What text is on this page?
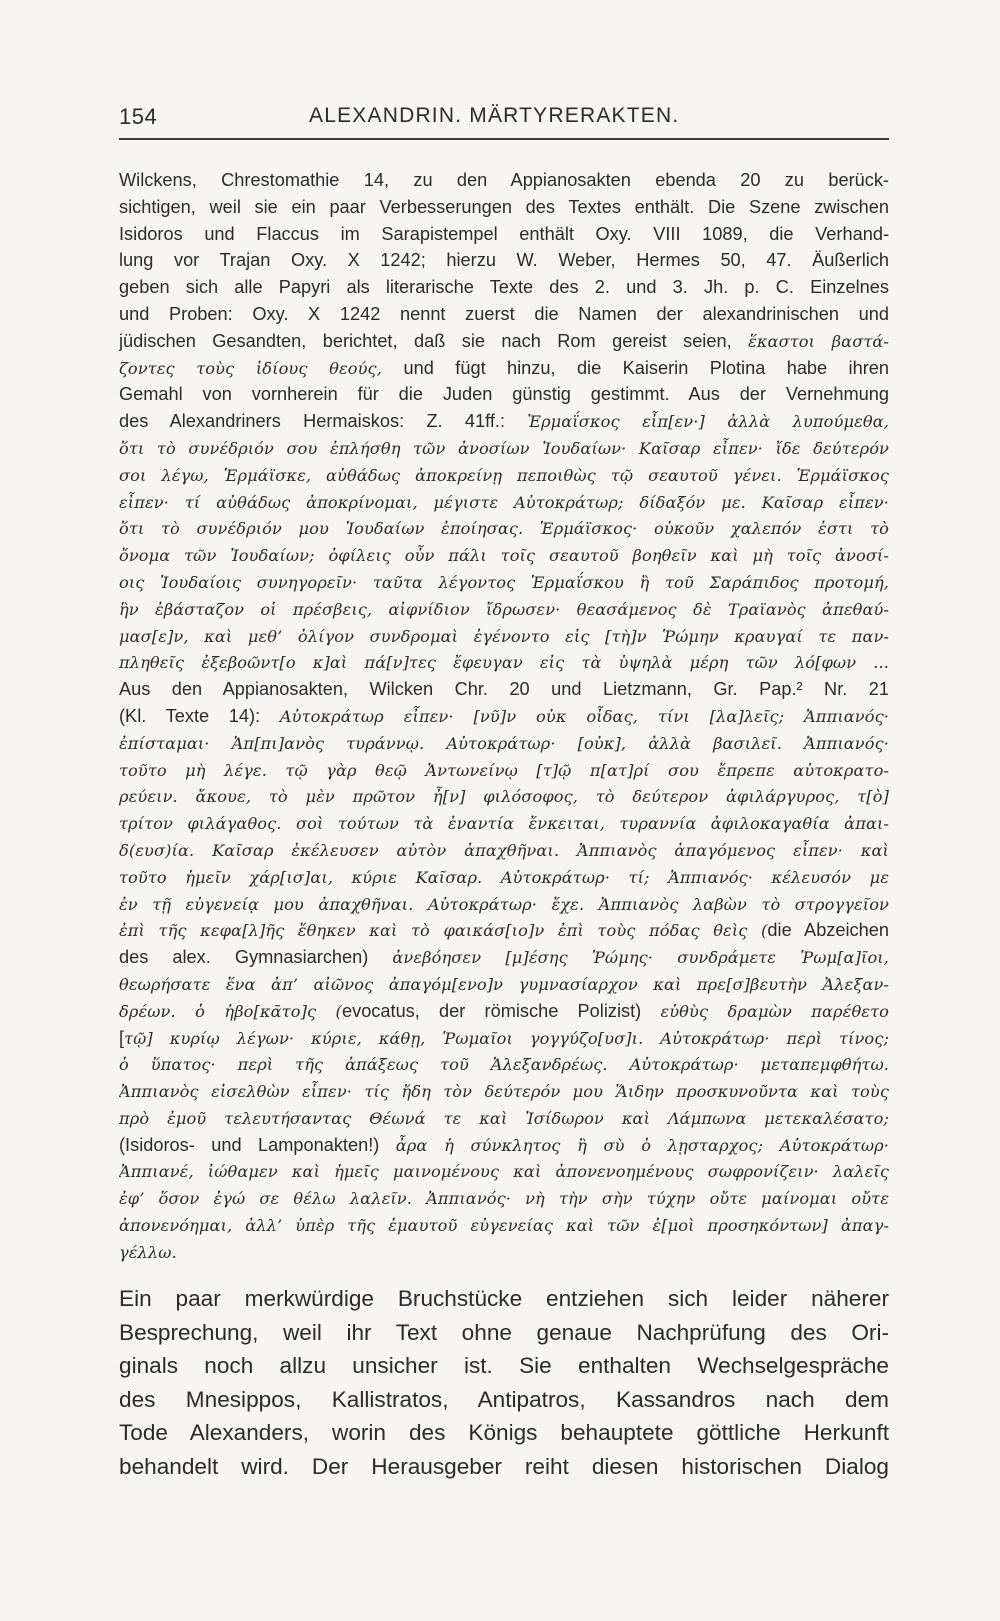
154	ALEXANDRIN. MÄRTYRERAKTEN.
Wilckens, Chrestomathie 14, zu den Appianosakten ebenda 20 zu berück-
sichtigen, weil sie ein paar Verbesserungen des Textes enthält. Die Szene zwischen
Isidoros und Flaccus im Sarapistempel enthält Oxy. VIII 1089, die Verhand-
lung vor Trajan Oxy. X 1242; hierzu W. Weber, Hermes 50, 47. Äußerlich
geben sich alle Papyri als literarische Texte des 2. und 3. Jh. p. C. Einzelnes
und Proben: Oxy. X 1242 nennt zuerst die Namen der alexandrinischen und
jüdischen Gesandten, berichtet, daß sie nach Rom gereist seien, ἕκαστοι βαστά-
ζοντες τοὺς ἰδίους θεούς, und fügt hinzu, die Kaiserin Plotina habe ihren
Gemahl von vornherein für die Juden günstig gestimmt. Aus der Vernehmung
des Alexandriners Hermaiskos: Z. 41ff.: Ἑρμαΐσκος εἶπ[εν·] ἀλλὰ λυπούμεθα,
ὅτι τὸ συνέδριόν σου ἐπλήσθη τῶν ἀνοσίων Ἰουδαίων· Καῖσαρ εἶπεν· ἴδε δεύτερόν
σοι λέγω, Ἑρμάϊσκε, αὐθάδως ἀποκρείνῃ πεποιθὼς τῷ σεαυτοῦ γένει. Ἑρμάϊσκος
εἶπεν· τί αὐθάδως ἀποκρίνομαι, μέγιστε Αὐτοκράτωρ; δίδαξόν με. Καῖσαρ εἶπεν·
ὅτι τὸ συνέδριόν μου Ἰουδαίων ἐποίησας. Ἑρμάϊσκος· οὐκοῦν χαλεπόν ἐστι τὸ
ὄνομα τῶν Ἰουδαίων; ὀφίλεις οὖν πάλι τοῖς σεαυτοῦ βοηθεῖν καὶ μὴ τοῖς ἀνοσί-
οις Ἰουδαίοις συνηγορεῖν· ταῦτα λέγοντος Ἑρμαΐσκου ἢ τοῦ Σαράπιδος προτομή,
ἣν ἐβάσταζον οἱ πρέσβεις, αἰφνίδιον ἴδρωσεν· θεασάμενος δὲ Τραϊανὸς ἀπεθαύ-
μασ[ε]ν, καὶ μεθ’ ὀλίγον συνδρομαὶ ἐγένοντο εἰς [τὴ]ν Ῥώμην κραυγαί τε παν-
πληθεῖς ἐξεβοῶντ[ο κ]αὶ πά[ν]τες ἔφευγαν εἰς τὰ ὑψηλὰ μέρη τῶν λό[φων ...
Aus den Appianosakten, Wilcken Chr. 20 und Lietzmann, Gr. Pap.² Nr. 21
(Kl. Texte 14): Αὐτοκράτωρ εἶπεν· [νῦ]ν οὐκ οἶδας, τίνι [λα]λεῖς; Ἀππιανός·
ἐπίσταμαι· Ἀπ[πι]ανὸς τυράννῳ. Αὐτοκράτωρ· [οὐκ], ἀλλὰ βασιλεῖ. Ἀππιανός·
τοῦτο μὴ λέγε. τῷ γὰρ θεῷ Ἀντωνείνῳ [τ]ῷ π[ατ]ρί σου ἔπρεπε αὐτοκρατο-
ρεύειν. ἄκουε, τὸ μὲν πρῶτον ἦ[ν] φιλόσοφος, τὸ δεύτερον ἀφιλάργυρος, τ[ὸ]
τρίτον φιλάγαθος. σοὶ τούτων τὰ ἐναντία ἔνκειται, τυραννία ἀφιλοκαγαθία ἀπαι-
δ(ευσ)ία. Καῖσαρ ἐκέλευσεν αὐτὸν ἀπαχθῆναι. Ἀππιανὸς ἀπαγόμενος εἶπεν· καὶ
τοῦτο ἡμεῖν χάρ[ισ]αι, κύριε Καῖσαρ. Αὐτοκράτωρ· τί; Ἀππιανός· κέλευσόν με
ἐν τῇ εὐγενείᾳ μου ἀπαχθῆναι. Αὐτοκράτωρ· ἔχε. Ἀππιανὸς λαβὼν τὸ στρογγεῖον
ἐπὶ τῆς κεφα[λ]ῆς ἔθηκεν καὶ τὸ φαικάσ[ιο]ν ἐπὶ τοὺς πόδας θεὶς (die Abzeichen
des alex. Gymnasiarchen) ἀνεβόησεν [μ]έσης Ῥώμης· συνδράμετε Ῥωμ[α]ῖοι,
θεωρήσατε ἕνα ἀπ’ αἰῶνος ἀπαγόμ[ενο]ν γυμνασίαρχον καὶ πρε[σ]βευτὴν Ἀλεξαν-
δρέων. ὁ ἠβο[κᾶτο]ς (evocatus, der römische Polizist) εὐθὺς δραμὼν παρέθετο
[τῷ] κυρίῳ λέγων· κύριε, κάθῃ, Ῥωμαῖοι γογγύζο[υσ]ι. Αὐτοκράτωρ· περὶ τίνος;
ὁ ὕπατος· περὶ τῆς ἀπάξεως τοῦ Ἀλεξανδρέως. Αὐτοκράτωρ· μεταπεμφθήτω.
Ἀππιανὸς εἰσελθὼν εἶπεν· τίς ἤδη τὸν δεύτερόν μου Ἅιδην προσκυνοῦντα καὶ τοὺς
πρὸ ἐμοῦ τελευτήσαντας Θέωνά τε καὶ Ἰσίδωρον καὶ Λάμπωνα μετεκαλέσατο;
(Isidoros- und Lamponakten!) ἆρα ἡ σύνκλητος ἢ σὺ ὁ λῃσταρχος; Αὐτοκράτωρ·
Ἀππιανέ, ἰώθαμεν καὶ ἡμεῖς μαινομένους καὶ ἀπονενοημένους σωφρονίζειν· λαλεῖς
ἐφ’ ὅσον ἐγώ σε θέλω λαλεῖν. Ἀππιανός· νὴ τὴν σὴν τύχην οὔτε μαίνομαι οὔτε
ἀπονενόημαι, ἀλλ’ ὑπὲρ τῆς ἐμαυτοῦ εὐγενείας καὶ τῶν ἐ[μοὶ προσηκόντων] ἀπαγ-
γέλλω.
Ein paar merkwürdige Bruchstücke entziehen sich leider näherer
Besprechung, weil ihr Text ohne genaue Nachprüfung des Ori-
ginals noch allzu unsicher ist. Sie enthalten Wechselgespräche
des Mnesippos, Kallistratos, Antipatros, Kassandros nach dem
Tode Alexanders, worin des Königs behauptete göttliche Herkunft
behandelt wird. Der Herausgeber reiht diesen historischen Dialog
